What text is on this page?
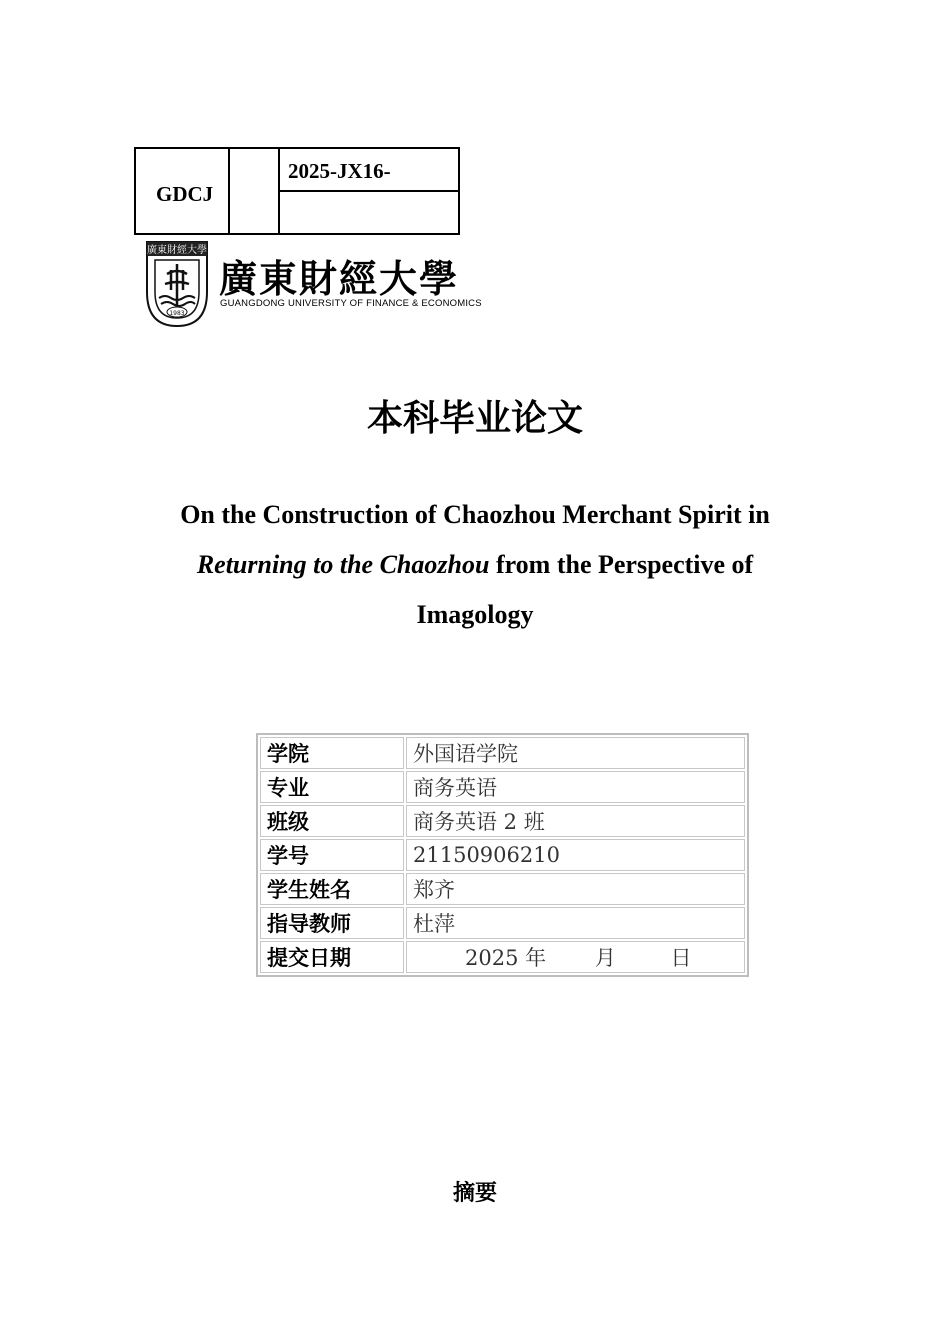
GDCJ
2025-JX16-
廣東財經大學
1983
廣東財經大學
GUANGDONG UNIVERSITY OF FINANCE & ECONOMICS
本科毕业论文
On the Construction of Chaozhou Merchant Spirit in
Returning to the Chaozhou from the Perspective of
Imagology
学院	外国语学院
专业	商务英语
班级	商务英语 2 班
学号	21150906210
学生姓名	郑齐
指导教师	杜萍
提交日期	2025 年 月 日
摘要
